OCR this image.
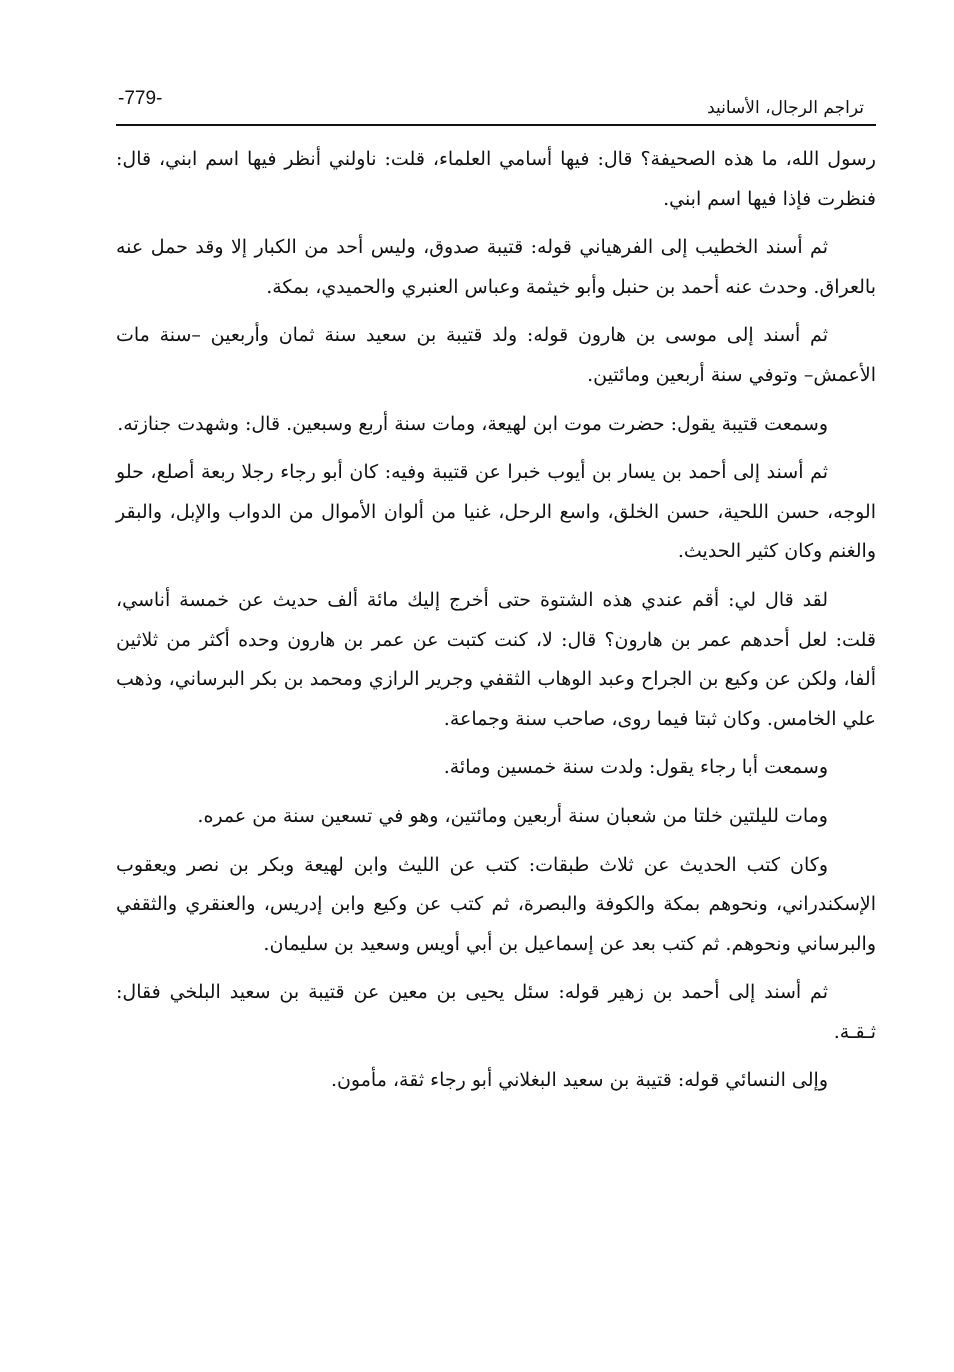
-779-	تراجم الرجال، الأسانيد

رسول الله، ما هذه الصحيفة؟ قال: فيها أسامي العلماء، قلت: ناولني أنظر فيها اسم ابني، قال: فنظرت فإذا فيها اسم ابني.

ثم أسند الخطيب إلى الفرهياني قوله: قتيبة صدوق، وليس أحد من الكبار إلا وقد حمل عنه بالعراق. وحدث عنه أحمد بن حنبل وأبو خيثمة وعباس العنبري والحميدي، بمكة.

ثم أسند إلى موسى بن هارون قوله: ولد قتيبة بن سعيد سنة ثمان وأربعين –سنة مات الأعمش– وتوفي سنة أربعين ومائتين.

وسمعت قتيبة يقول: حضرت موت ابن لهيعة، ومات سنة أربع وسبعين. قال: وشهدت جنازته.

ثم أسند إلى أحمد بن يسار بن أيوب خبرا عن قتيبة وفيه: كان أبو رجاء رجلا ربعة أصلع، حلو الوجه، حسن اللحية، حسن الخلق، واسع الرحل، غنيا من ألوان الأموال من الدواب والإبل، والبقر والغنم وكان كثير الحديث.

لقد قال لي: أقم عندي هذه الشتوة حتى أخرج إليك مائة ألف حديث عن خمسة أناسي، قلت: لعل أحدهم عمر بن هارون؟ قال: لا، كنت كتبت عن عمر بن هارون وحده أكثر من ثلاثين ألفا، ولكن عن وكيع بن الجراح وعبد الوهاب الثقفي وجرير الرازي ومحمد بن بكر البرساني، وذهب علي الخامس. وكان ثبتا فيما روى، صاحب سنة وجماعة.

وسمعت أبا رجاء يقول: ولدت سنة خمسين ومائة.

ومات لليلتين خلتا من شعبان سنة أربعين ومائتين، وهو في تسعين سنة من عمره.

وكان كتب الحديث عن ثلاث طبقات: كتب عن الليث وابن لهيعة وبكر بن نصر ويعقوب الإسكندراني، ونحوهم بمكة والكوفة والبصرة، ثم كتب عن وكيع وابن إدريس، والعنقري والثقفي والبرساني ونحوهم. ثم كتب بعد عن إسماعيل بن أبي أويس وسعيد بن سليمان.

ثم أسند إلى أحمد بن زهير قوله: سئل يحيى بن معين عن قتيبة بن سعيد البلخي فقال: ثـقـة.

وإلى النسائي قوله: قتيبة بن سعيد البغلاني أبو رجاء ثقة، مأمون.
